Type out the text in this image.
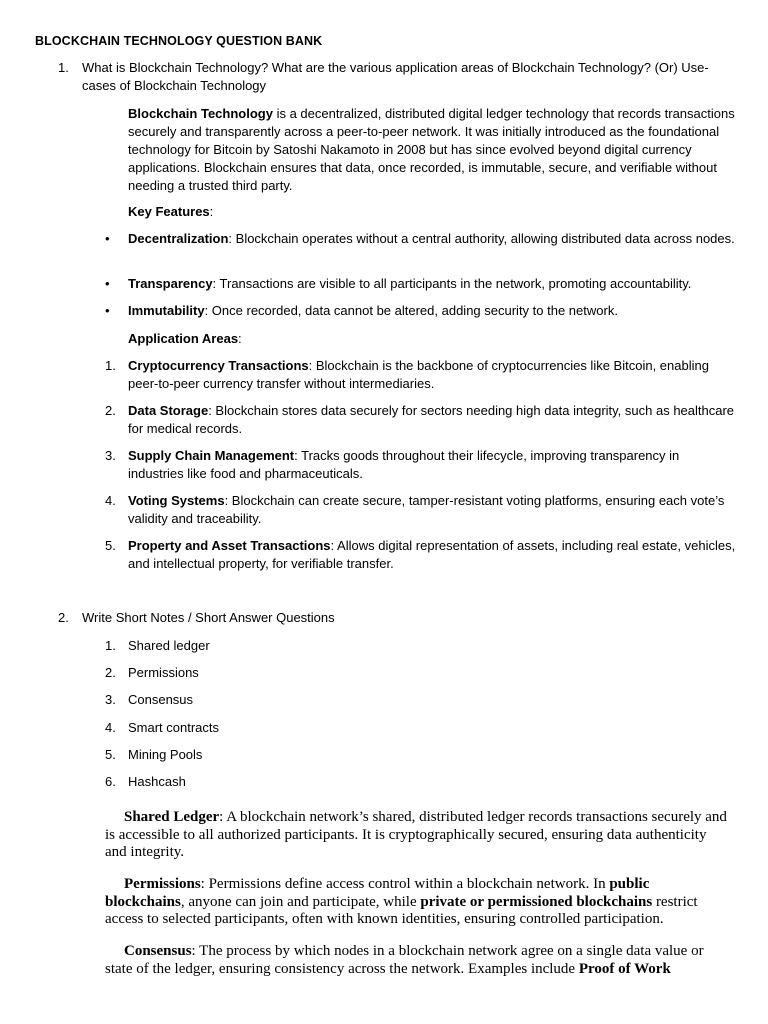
BLOCKCHAIN TECHNOLOGY QUESTION BANK
1. What is Blockchain Technology? What are the various application areas of Blockchain Technology? (Or) Use-cases of Blockchain Technology
Blockchain Technology is a decentralized, distributed digital ledger technology that records transactions securely and transparently across a peer-to-peer network. It was initially introduced as the foundational technology for Bitcoin by Satoshi Nakamoto in 2008 but has since evolved beyond digital currency applications. Blockchain ensures that data, once recorded, is immutable, secure, and verifiable without needing a trusted third party.
Key Features:
• Decentralization: Blockchain operates without a central authority, allowing distributed data across nodes.
• Transparency: Transactions are visible to all participants in the network, promoting accountability.
• Immutability: Once recorded, data cannot be altered, adding security to the network.
Application Areas:
1. Cryptocurrency Transactions: Blockchain is the backbone of cryptocurrencies like Bitcoin, enabling peer-to-peer currency transfer without intermediaries.
2. Data Storage: Blockchain stores data securely for sectors needing high data integrity, such as healthcare for medical records.
3. Supply Chain Management: Tracks goods throughout their lifecycle, improving transparency in industries like food and pharmaceuticals.
4. Voting Systems: Blockchain can create secure, tamper-resistant voting platforms, ensuring each vote’s validity and traceability.
5. Property and Asset Transactions: Allows digital representation of assets, including real estate, vehicles, and intellectual property, for verifiable transfer.
2. Write Short Notes / Short Answer Questions
1. Shared ledger
2. Permissions
3. Consensus
4. Smart contracts
5. Mining Pools
6. Hashcash
Shared Ledger: A blockchain network’s shared, distributed ledger records transactions securely and is accessible to all authorized participants. It is cryptographically secured, ensuring data authenticity and integrity.
Permissions: Permissions define access control within a blockchain network. In public blockchains, anyone can join and participate, while private or permissioned blockchains restrict access to selected participants, often with known identities, ensuring controlled participation.
Consensus: The process by which nodes in a blockchain network agree on a single data value or state of the ledger, ensuring consistency across the network. Examples include Proof of Work
